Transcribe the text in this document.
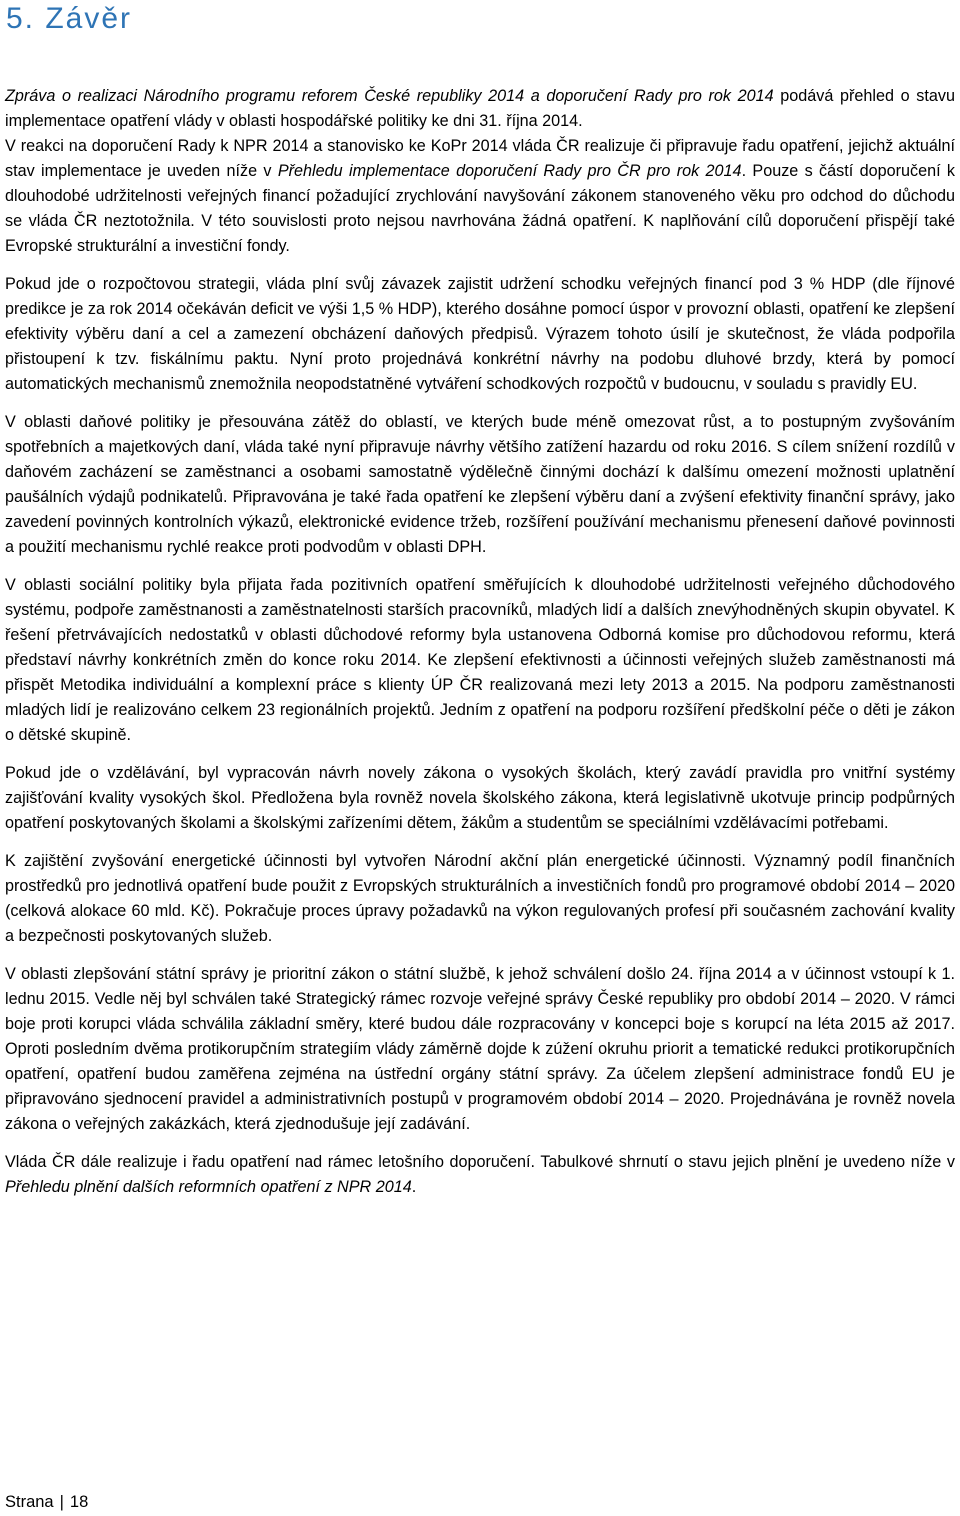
5. Závěr

Zpráva o realizaci Národního programu reforem České republiky 2014 a doporučení Rady pro rok 2014 podává přehled o stavu implementace opatření vlády v oblasti hospodářské politiky ke dni 31. října 2014.

V reakci na doporučení Rady k NPR 2014 a stanovisko ke KoPr 2014 vláda ČR realizuje či připravuje řadu opatření, jejichž aktuální stav implementace je uveden níže v Přehledu implementace doporučení Rady pro ČR pro rok 2014. Pouze s částí doporučení k dlouhodobé udržitelnosti veřejných financí požadující zrychlování navyšování zákonem stanoveného věku pro odchod do důchodu se vláda ČR neztotožnila. V této souvislosti proto nejsou navrhována žádná opatření. K naplňování cílů doporučení přispějí také Evropské strukturální a investiční fondy.

Pokud jde o rozpočtovou strategii, vláda plní svůj závazek zajistit udržení schodku veřejných financí pod 3 % HDP (dle říjnové predikce je za rok 2014 očekáván deficit ve výši 1,5 % HDP), kterého dosáhne pomocí úspor v provozní oblasti, opatření ke zlepšení efektivity výběru daní a cel a zamezení obcházení daňových předpisů. Výrazem tohoto úsilí je skutečnost, že vláda podpořila přistoupení k tzv. fiskálnímu paktu. Nyní proto projednává konkrétní návrhy na podobu dluhové brzdy, která by pomocí automatických mechanismů znemožnila neopodstatněné vytváření schodkových rozpočtů v budoucnu, v souladu s pravidly EU.

V oblasti daňové politiky je přesouvána zátěž do oblastí, ve kterých bude méně omezovat růst, a to postupným zvyšováním spotřebních a majetkových daní, vláda také nyní připravuje návrhy většího zatížení hazardu od roku 2016. S cílem snížení rozdílů v daňovém zacházení se zaměstnanci a osobami samostatně výdělečně činnými dochází k dalšímu omezení možnosti uplatnění paušálních výdajů podnikatelů. Připravována je také řada opatření ke zlepšení výběru daní a zvýšení efektivity finanční správy, jako zavedení povinných kontrolních výkazů, elektronické evidence tržeb, rozšíření používání mechanismu přenesení daňové povinnosti a použití mechanismu rychlé reakce proti podvodům v oblasti DPH.

V oblasti sociální politiky byla přijata řada pozitivních opatření směřujících k dlouhodobé udržitelnosti veřejného důchodového systému, podpoře zaměstnanosti a zaměstnatelnosti starších pracovníků, mladých lidí a dalších znevýhodněných skupin obyvatel. K řešení přetrvávajících nedostatků v oblasti důchodové reformy byla ustanovena Odborná komise pro důchodovou reformu, která představí návrhy konkrétních změn do konce roku 2014. Ke zlepšení efektivnosti a účinnosti veřejných služeb zaměstnanosti má přispět Metodika individuální a komplexní práce s klienty ÚP ČR realizovaná mezi lety 2013 a 2015. Na podporu zaměstnanosti mladých lidí je realizováno celkem 23 regionálních projektů. Jedním z opatření na podporu rozšíření předškolní péče o děti je zákon o dětské skupině.

Pokud jde o vzdělávání, byl vypracován návrh novely zákona o vysokých školách, který zavádí pravidla pro vnitřní systémy zajišťování kvality vysokých škol. Předložena byla rovněž novela školského zákona, která legislativně ukotvuje princip podpůrných opatření poskytovaných školami a školskými zařízeními dětem, žákům a studentům se speciálními vzdělávacími potřebami.

K zajištění zvyšování energetické účinnosti byl vytvořen Národní akční plán energetické účinnosti. Významný podíl finančních prostředků pro jednotlivá opatření bude použit z Evropských strukturálních a investičních fondů pro programové období 2014 – 2020 (celková alokace 60 mld. Kč). Pokračuje proces úpravy požadavků na výkon regulovaných profesí při současném zachování kvality a bezpečnosti poskytovaných služeb.

V oblasti zlepšování státní správy je prioritní zákon o státní službě, k jehož schválení došlo 24. října 2014 a v účinnost vstoupí k 1. lednu 2015. Vedle něj byl schválen také Strategický rámec rozvoje veřejné správy České republiky pro období 2014 – 2020. V rámci boje proti korupci vláda schválila základní směry, které budou dále rozpracovány v koncepci boje s korupcí na léta 2015 až 2017. Oproti posledním dvěma protikorupčním strategiím vlády záměrně dojde k zúžení okruhu priorit a tematické redukci protikorupčních opatření, opatření budou zaměřena zejména na ústřední orgány státní správy. Za účelem zlepšení administrace fondů EU je připravováno sjednocení pravidel a administrativních postupů v programovém období 2014 – 2020. Projednávána je rovněž novela zákona o veřejných zakázkách, která zjednodušuje její zadávání.

Vláda ČR dále realizuje i řadu opatření nad rámec letošního doporučení. Tabulkové shrnutí o stavu jejich plnění je uvedeno níže v Přehledu plnění dalších reformních opatření z NPR 2014.

Strana | 18
